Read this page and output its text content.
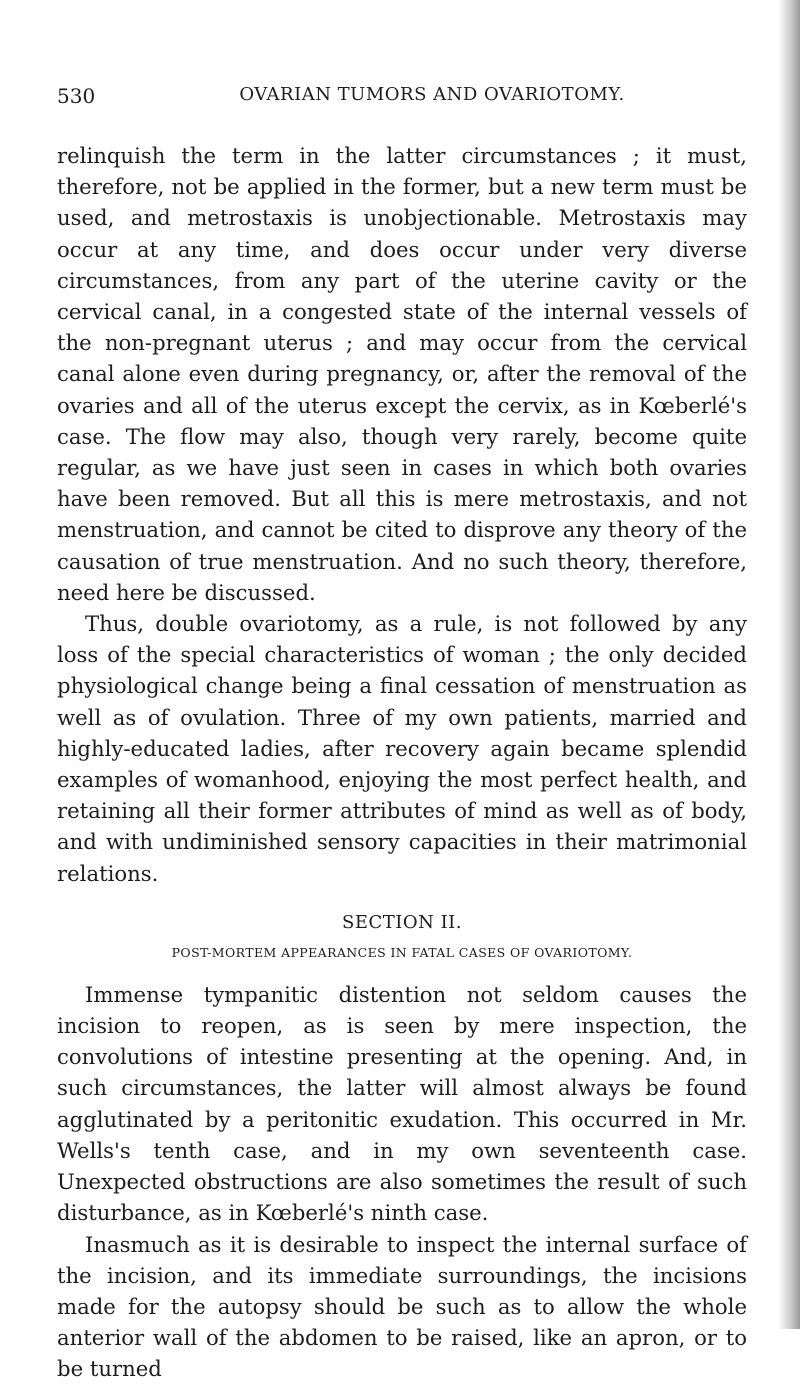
530	OVARIAN TUMORS AND OVARIOTOMY.

relinquish the term in the latter circumstances ; it must, therefore, not be applied in the former, but a new term must be used, and metrostaxis is unobjectionable. Metrostaxis may occur at any time, and does occur under very diverse circumstances, from any part of the uterine cavity or the cervical canal, in a congested state of the internal vessels of the non-pregnant uterus ; and may occur from the cervical canal alone even during pregnancy, or, after the removal of the ovaries and all of the uterus except the cervix, as in Kœberlé's case. The flow may also, though very rarely, become quite regular, as we have just seen in cases in which both ovaries have been removed. But all this is mere metrostaxis, and not menstruation, and cannot be cited to disprove any theory of the causation of true menstruation. And no such theory, therefore, need here be discussed.

Thus, double ovariotomy, as a rule, is not followed by any loss of the special characteristics of woman ; the only decided physiological change being a final cessation of menstruation as well as of ovulation. Three of my own patients, married and highly-educated ladies, after recovery again became splendid examples of womanhood, enjoying the most perfect health, and retaining all their former attributes of mind as well as of body, and with undiminished sensory capacities in their matrimonial relations.

SECTION II.
POST-MORTEM APPEARANCES IN FATAL CASES OF OVARIOTOMY.

Immense tympanitic distention not seldom causes the incision to reopen, as is seen by mere inspection, the convolutions of intestine presenting at the opening. And, in such circumstances, the latter will almost always be found agglutinated by a peritonitic exudation. This occurred in Mr. Wells's tenth case, and in my own seventeenth case. Unexpected obstructions are also sometimes the result of such disturbance, as in Kœberlé's ninth case.

Inasmuch as it is desirable to inspect the internal surface of the incision, and its immediate surroundings, the incisions made for the autopsy should be such as to allow the whole anterior wall of the abdomen to be raised, like an apron, or to be turned
